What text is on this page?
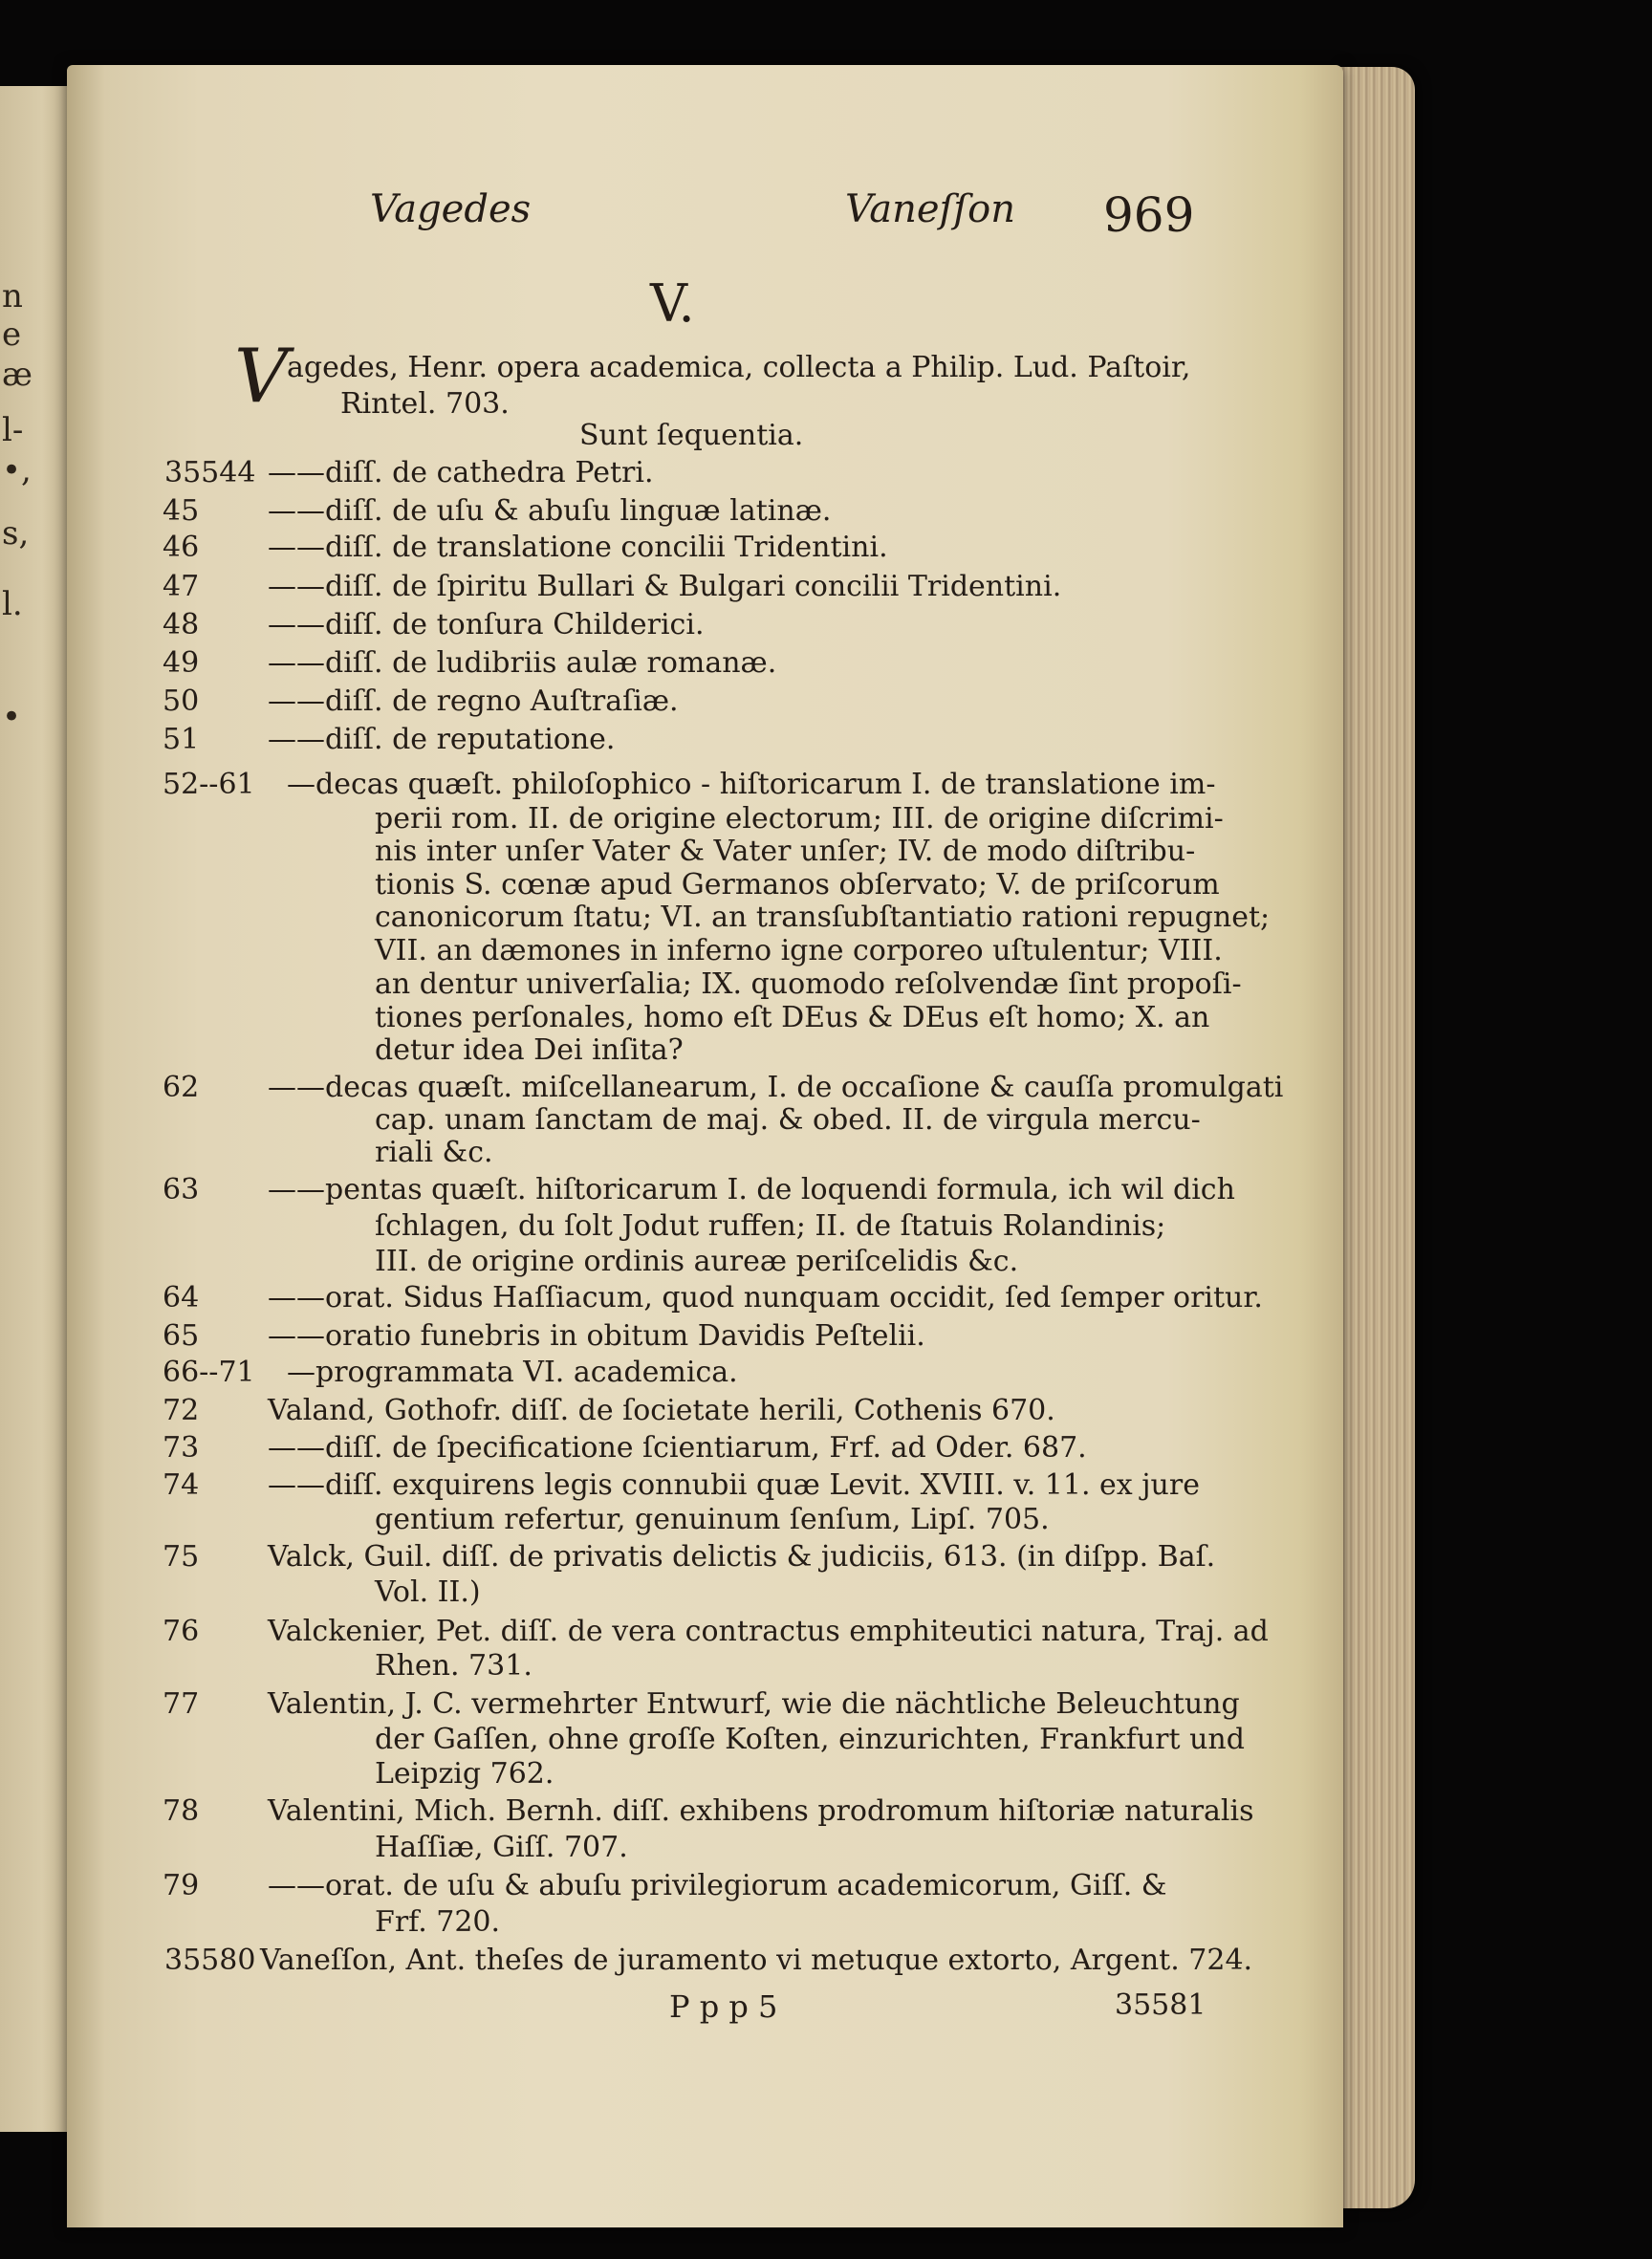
n
e
æ
l-
•,
s,
l.
•
Vagedes	Vaneſſon 969
V.
V
agedes, Henr. opera academica, collecta a Philip. Lud. Paſtoir,
Rintel. 703.
Sunt ſequentia.
35544 ——diſſ. de cathedra Petri.
45	——diſſ. de uſu & abuſu linguæ latinæ.
46	——diſſ. de translatione concilii Tridentini.
47	——diſſ. de ſpiritu Bullari & Bulgari concilii Tridentini.
48	——diſſ. de tonſura Childerici.
49	——diſſ. de ludibriis aulæ romanæ.
50	——diſſ. de regno Auſtraſiæ.
51	——diſſ. de reputatione.
52--61 —decas quæſt. philoſophico - hiſtoricarum I. de translatione im-
perii rom. II. de origine electorum; III. de origine diſcrimi-
nis inter unſer Vater & Vater unſer; IV. de modo diſtribu-
tionis S. cœnæ apud Germanos obſervato; V. de priſcorum
canonicorum ſtatu; VI. an transſubſtantiatio rationi repugnet;
VII. an dæmones in inferno igne corporeo uſtulentur; VIII.
an dentur univerſalia; IX. quomodo reſolvendæ ſint propoſi-
tiones perſonales, homo eſt DEus & DEus eſt homo; X. an
detur idea Dei inſita?
62	——decas quæſt. miſcellanearum, I. de occaſione & cauſſa promulgati
cap. unam ſanctam de maj. & obed. II. de virgula mercu-
riali &c.
63	——pentas quæſt. hiſtoricarum I. de loquendi formula, ich wil dich
ſchlagen, du ſolt Jodut ruffen; II. de ſtatuis Rolandinis;
III. de origine ordinis aureæ periſcelidis &c.
64	——orat. Sidus Haſſiacum, quod nunquam occidit, ſed ſemper oritur.
65	——oratio funebris in obitum Davidis Peſtelii.
66--71 —programmata VI. academica.
72	Valand, Gothofr. diſſ. de ſocietate herili, Cothenis 670.
73	——diſſ. de ſpecificatione ſcientiarum, Frf. ad Oder. 687.
74	——diſſ. exquirens legis connubii quæ Levit. XVIII. v. 11. ex jure
gentium refertur, genuinum ſenſum, Lipſ. 705.
75	Valck, Guil. diſſ. de privatis delictis & judiciis, 613. (in diſpp. Baſ.
Vol. II.)
76	Valckenier, Pet. diſſ. de vera contractus emphiteutici natura, Traj. ad
Rhen. 731.
77	Valentin, J. C. vermehrter Entwurf, wie die nächtliche Beleuchtung
der Gaſſen, ohne groſſe Koſten, einzurichten, Frankfurt und
Leipzig 762.
78	Valentini, Mich. Bernh. diſſ. exhibens prodromum hiſtoriæ naturalis
Haſſiæ, Giſſ. 707.
79	——orat. de uſu & abuſu privilegiorum academicorum, Giſſ. &
Frf. 720.
35580 Vaneſſon, Ant. theſes de juramento vi metuque extorto, Argent. 724.
P p p 5	35581
